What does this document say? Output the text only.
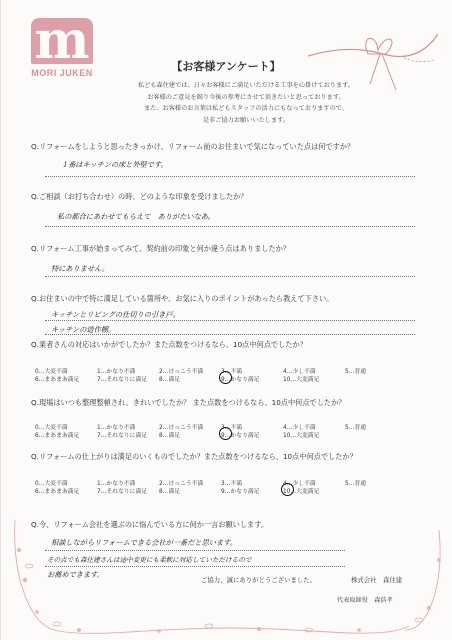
m
MORI JUKEN	【お客様アンケート】
私ども森住建では、日々お客様にご満足いただける工事を心掛けております。
お客様のご意見を賜り今後の参考にさせて頂きたいと思っております。
また、お客様のお言葉は私どもスタッフの活力にもなっておりますので、
是非ご協力お願いいたします。
Q.リフォームをしようと思ったきっかけ、リフォーム前のお住まいで気になっていた点は何ですか？
１番はキッチンの床と外壁です。
Q.ご相談（お打ち合わせ）の時、どのような印象を受けましたか？
私の都合にあわせてもらえて　ありがたいなあ。
Q.リフォーム工事が始まってみて、契約前の印象と何か違う点はありましたか？
特にありません。
Q.お住まいの中で特に満足している箇所や、お気に入りのポイントがあったら教えて下さい。
キッチンとリビングの仕切りの引き戸。
キッチンの造作棚。
Q.業者さんの対応はいかがでしたか？また点数をつけるなら、10点中何点でしたか？
0…大変不満	1…かなり不満	2…けっこう不満	3…不満	4…少し不満	5…普通
6…まあまあ満足	7…それなりに満足	8…満足	9…かなり満足	10…大変満足
Q.現場はいつも整理整頓され、きれいでしたか？ また点数をつけるなら、10点中何点でしたか？
0…大変不満	1…かなり不満	2…けっこう不満	3…不満	4…少し不満	5…普通
6…まあまあ満足	7…それなりに満足	8…満足	9…かなり満足	10…大変満足
Q.リフォームの仕上がりは満足のいくものでしたか？また点数をつけるなら、10点中何点でしたか？
0…大変不満	1…かなり不満	2…けっこう不満	3…不満	4…少し不満	5…普通
6…まあまあ満足	7…それなりに満足	8…満足	9…かなり満足	10…大変満足
Q.今、リフォーム会社を選ぶのに悩んでいる方に何か一言お願いします。
相談しながらリフォームできる会社が一番だと思います。
その点でも森住建さんは途中変更にも柔軟に対応していただけるので
お薦めできます。
ご協力、誠にありがとうございました。	株式会社　森住建
代表取締役　森浩孝
